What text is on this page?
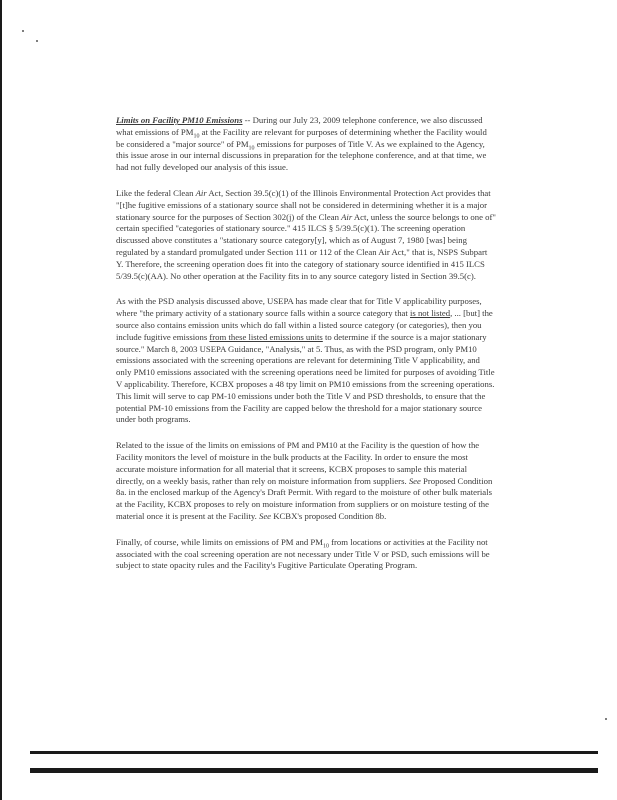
Limits on Facility PM10 Emissions -- During our July 23, 2009 telephone conference, we also discussed what emissions of $PM_{10}$ at the Facility are relevant for purposes of determining whether the Facility would be considered a "major source" of $PM_{10}$ emissions for purposes of Title V. As we explained to the Agency, this issue arose in our internal discussions in preparation for the telephone conference, and at that time, we had not fully developed our analysis of this issue.

Like the federal Clean Air Act, Section 39.5(c)(1) of the Illinois Environmental Protection Act provides that "[t]he fugitive emissions of a stationary source shall not be considered in determining whether it is a major stationary source for the purposes of Section 302(j) of the Clean Air Act, unless the source belongs to one of" certain specified "categories of stationary source." 415 ILCS § 5/39.5(c)(1). The screening operation discussed above constitutes a "stationary source category[y], which as of August 7, 1980 [was] being regulated by a standard promulgated under Section 111 or 112 of the Clean Air Act," that is, NSPS Subpart Y. Therefore, the screening operation does fit into the category of stationary source identified in 415 ILCS 5/39.5(c)(AA). No other operation at the Facility fits in to any source category listed in Section 39.5(c).

As with the PSD analysis discussed above, USEPA has made clear that for Title V applicability purposes, where "the primary activity of a stationary source falls within a source category that is not listed, ... [but] the source also contains emission units which do fall within a listed source category (or categories), then you include fugitive emissions from these listed emissions units to determine if the source is a major stationary source." March 8, 2003 USEPA Guidance, "Analysis," at 5. Thus, as with the PSD program, only PM10 emissions associated with the screening operations are relevant for determining Title V applicability, and only PM10 emissions associated with the screening operations need be limited for purposes of avoiding Title V applicability. Therefore, KCBX proposes a 48 tpy limit on PM10 emissions from the screening operations. This limit will serve to cap PM-10 emissions under both the Title V and PSD thresholds, to ensure that the potential PM-10 emissions from the Facility are capped below the threshold for a major stationary source under both programs.

Related to the issue of the limits on emissions of PM and PM10 at the Facility is the question of how the Facility monitors the level of moisture in the bulk products at the Facility. In order to ensure the most accurate moisture information for all material that it screens, KCBX proposes to sample this material directly, on a weekly basis, rather than rely on moisture information from suppliers. See Proposed Condition 8a. in the enclosed markup of the Agency's Draft Permit. With regard to the moisture of other bulk materials at the Facility, KCBX proposes to rely on moisture information from suppliers or on moisture testing of the material once it is present at the Facility. See KCBX's proposed Condition 8b.

Finally, of course, while limits on emissions of PM and $PM_{10}$ from locations or activities at the Facility not associated with the coal screening operation are not necessary under Title V or PSD, such emissions will be subject to state opacity rules and the Facility's Fugitive Particulate Operating Program.
